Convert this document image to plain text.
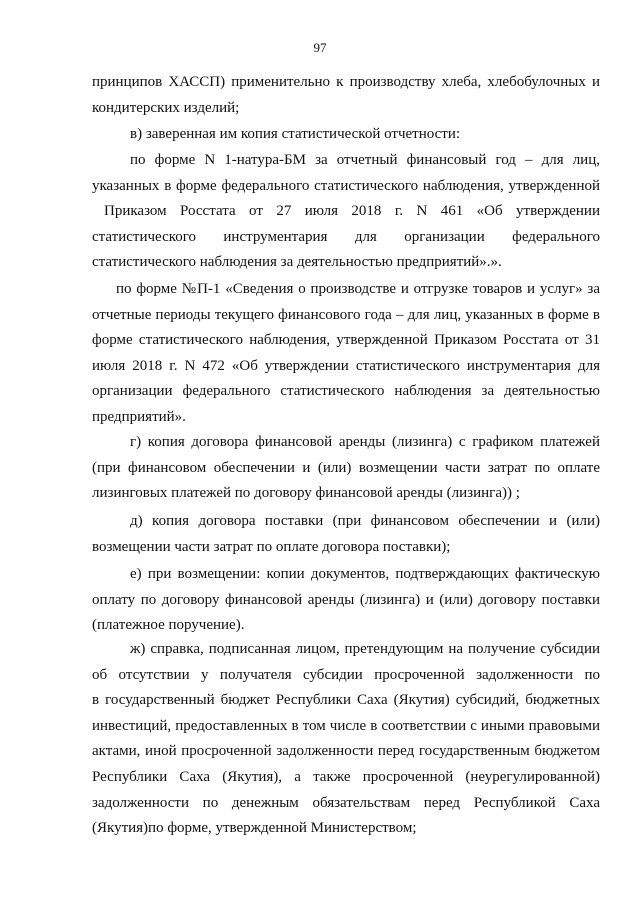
97
принципов ХАССП) применительно к производству хлеба, хлебобулочных и
кондитерских изделий;
в) заверенная им копия статистической отчетности:
по форме N 1-натура-БМ за отчетный финансовый год – для лиц,
указанных в форме федерального статистического наблюдения, утвержденной
Приказом Росстата от 27 июля 2018 г. N 461 «Об утверждении
статистического инструментария для организации федерального
статистического наблюдения за деятельностью предприятий».».
по форме №П-1 «Сведения о производстве и отгрузке товаров и услуг» за
отчетные периоды текущего финансового года – для лиц, указанных в форме в
форме статистического наблюдения, утвержденной Приказом Росстата от 31
июля 2018 г. N 472 «Об утверждении статистического инструментария для
организации федерального статистического наблюдения за деятельностью
предприятий».
г) копия договора финансовой аренды (лизинга) с графиком платежей
(при финансовом обеспечении и (или) возмещении части затрат по оплате
лизинговых платежей по договору финансовой аренды (лизинга)) ;
д) копия договора поставки (при финансовом обеспечении и (или)
возмещении части затрат по оплате договора поставки);
е) при возмещении: копии документов, подтверждающих фактическую
оплату по договору финансовой аренды (лизинга) и (или) договору поставки
(платежное поручение).
ж) справка, подписанная лицом, претендующим на получение субсидии
об отсутствии у получателя субсидии просроченной задолженности по
в государственный бюджет Республики Саха (Якутия) субсидий, бюджетных
инвестиций, предоставленных в том числе в соответствии с иными правовыми
актами, иной просроченной задолженности перед государственным бюджетом
Республики Саха (Якутия), а также просроченной (неурегулированной)
задолженности по денежным обязательствам перед Республикой Саха
(Якутия)по форме, утвержденной Министерством;
